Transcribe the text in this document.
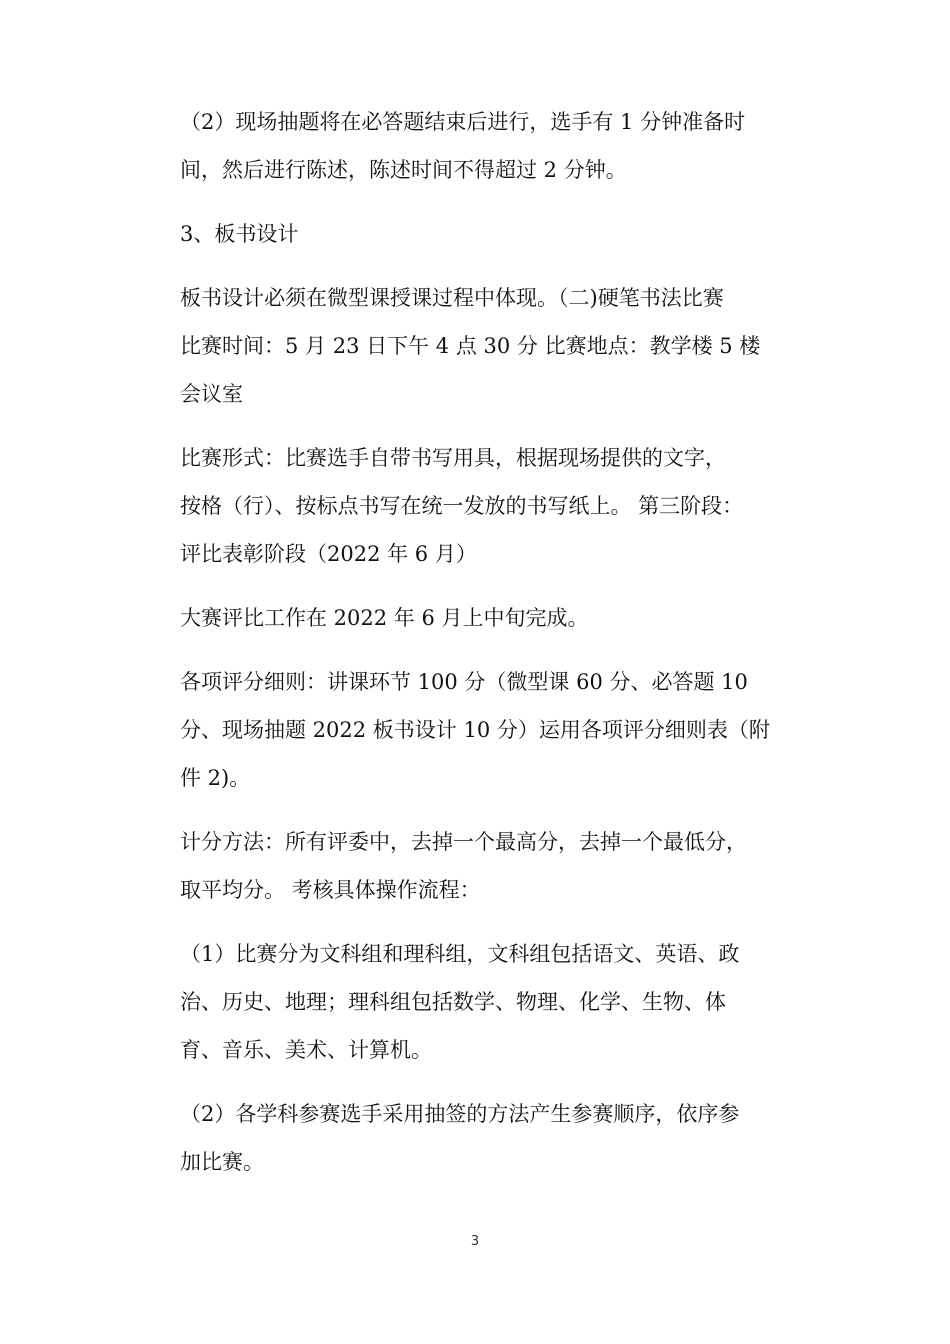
（2）现场抽题将在必答题结束后进行，选手有 1 分钟准备时
间，然后进行陈述，陈述时间不得超过 2 分钟。
3、板书设计
板书设计必须在微型课授课过程中体现。（二)硬笔书法比赛
比赛时间：5 月 23 日下午 4 点 30 分 比赛地点：教学楼 5 楼
会议室
比赛形式：比赛选手自带书写用具，根据现场提供的文字，
按格（行）、按标点书写在统一发放的书写纸上。 第三阶段：
评比表彰阶段（2022 年 6 月）
大赛评比工作在 2022 年 6 月上中旬完成。
各项评分细则：讲课环节 100 分（微型课 60 分、必答题 10
分、现场抽题 2022 板书设计 10 分）运用各项评分细则表（附
件 2)。
计分方法：所有评委中，去掉一个最高分，去掉一个最低分，
取平均分。 考核具体操作流程：
（1）比赛分为文科组和理科组，文科组包括语文、英语、政
治、历史、地理；理科组包括数学、物理、化学、生物、体
育、音乐、美术、计算机。
（2）各学科参赛选手采用抽签的方法产生参赛顺序，依序参
加比赛。
3
